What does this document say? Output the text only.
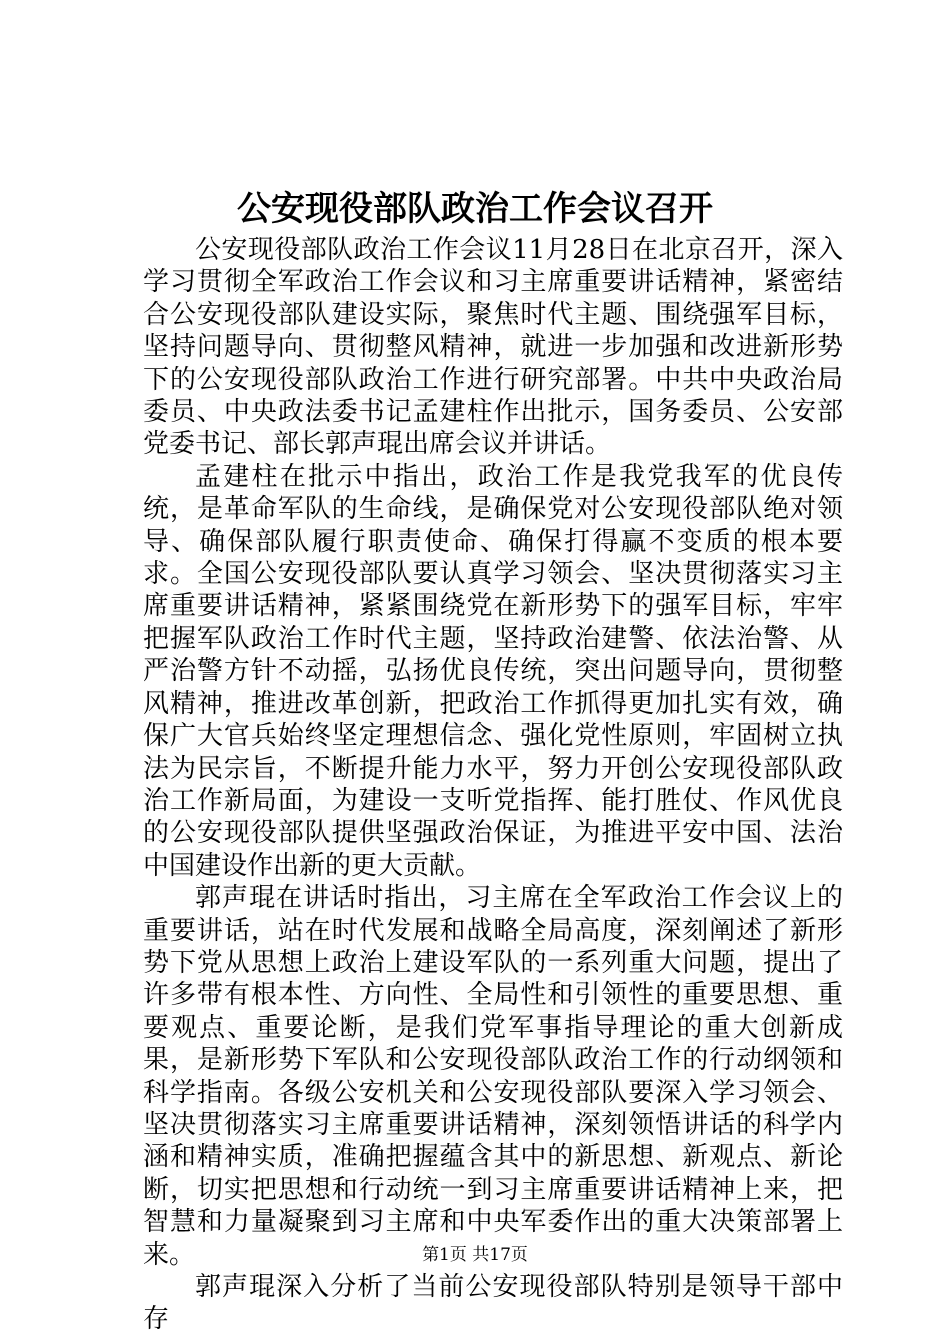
公安现役部队政治工作会议召开

公安现役部队政治工作会议11月28日在北京召开，深入学习贯彻全军政治工作会议和习主席重要讲话精神，紧密结合公安现役部队建设实际，聚焦时代主题、围绕强军目标，坚持问题导向、贯彻整风精神，就进一步加强和改进新形势下的公安现役部队政治工作进行研究部署。中共中央政治局委员、中央政法委书记孟建柱作出批示，国务委员、公安部党委书记、部长郭声琨出席会议并讲话。

孟建柱在批示中指出，政治工作是我党我军的优良传统，是革命军队的生命线，是确保党对公安现役部队绝对领导、确保部队履行职责使命、确保打得赢不变质的根本要求。全国公安现役部队要认真学习领会、坚决贯彻落实习主席重要讲话精神，紧紧围绕党在新形势下的强军目标，牢牢把握军队政治工作时代主题，坚持政治建警、依法治警、从严治警方针不动摇，弘扬优良传统，突出问题导向，贯彻整风精神，推进改革创新，把政治工作抓得更加扎实有效，确保广大官兵始终坚定理想信念、强化党性原则，牢固树立执法为民宗旨，不断提升能力水平，努力开创公安现役部队政治工作新局面，为建设一支听党指挥、能打胜仗、作风优良的公安现役部队提供坚强政治保证，为推进平安中国、法治中国建设作出新的更大贡献。

郭声琨在讲话时指出，习主席在全军政治工作会议上的重要讲话，站在时代发展和战略全局高度，深刻阐述了新形势下党从思想上政治上建设军队的一系列重大问题，提出了许多带有根本性、方向性、全局性和引领性的重要思想、重要观点、重要论断，是我们党军事指导理论的重大创新成果，是新形势下军队和公安现役部队政治工作的行动纲领和科学指南。各级公安机关和公安现役部队要深入学习领会、坚决贯彻落实习主席重要讲话精神，深刻领悟讲话的科学内涵和精神实质，准确把握蕴含其中的新思想、新观点、新论断，切实把思想和行动统一到习主席重要讲话精神上来，把智慧和力量凝聚到习主席和中央军委作出的重大决策部署上来。

郭声琨深入分析了当前公安现役部队特别是领导干部中存

第1页 共17页
